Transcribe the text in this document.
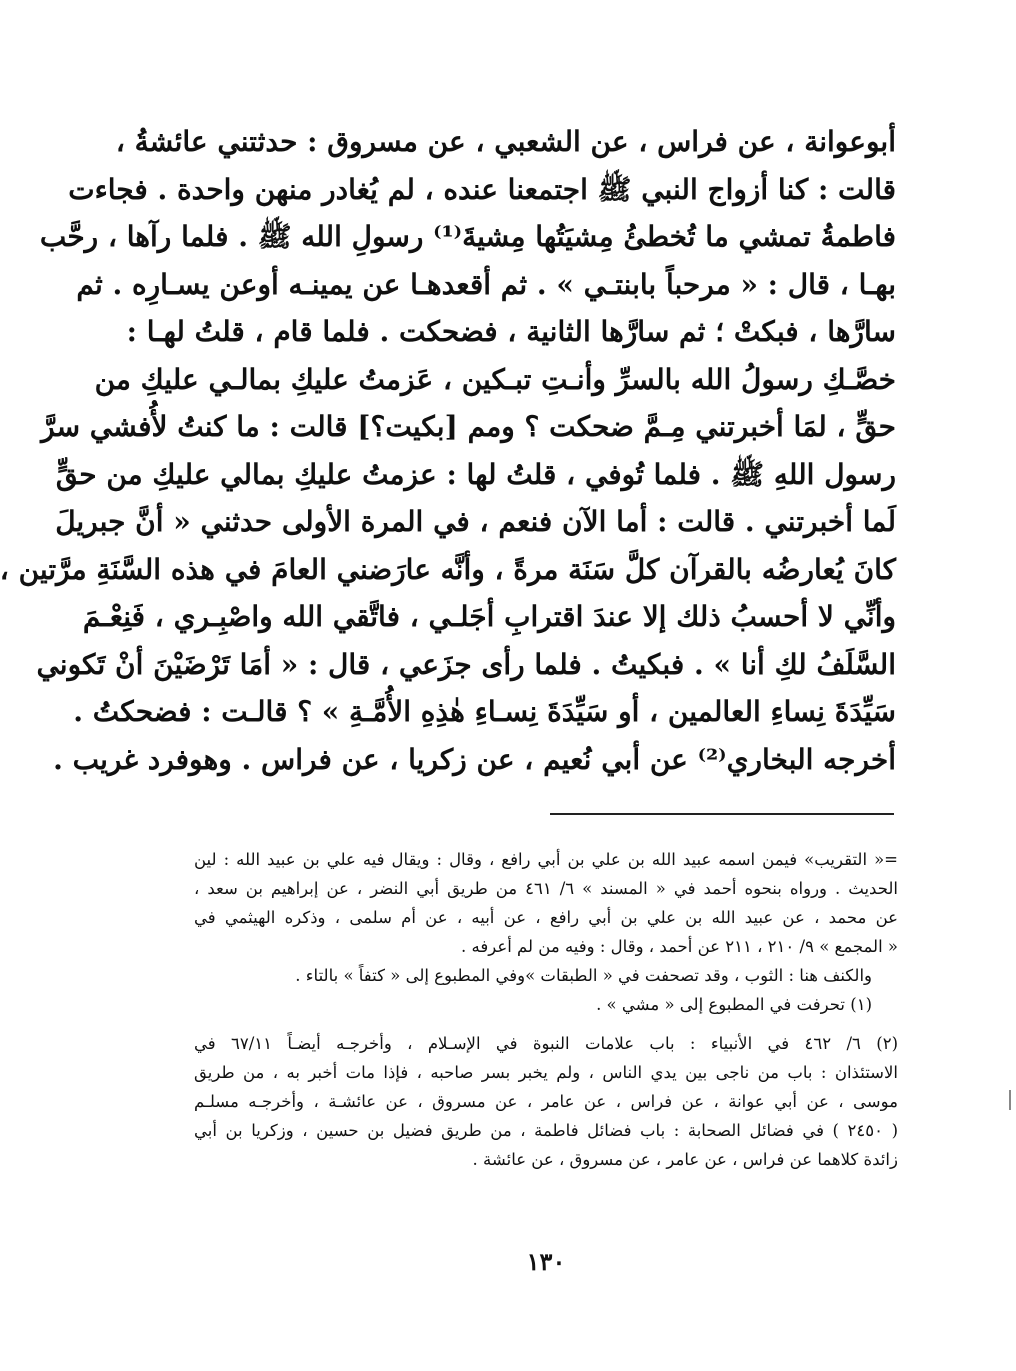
أبوعوانة ، عن فراس ، عن الشعبي ، عن مسروق : حدثتني عائشةُ ،
قالت : كنا أزواج النبي ﷺ اجتمعنا عنده ، لم يُغادر منهن واحدة . فجاءت
فاطمةُ تمشي ما تُخطئُ مِشيَتُها مِشيةَ⁽¹⁾ رسولِ الله ﷺ . فلما رآها ، رحَّب
بهـا ، قال : « مرحباً بابنتـي » . ثم أقعدهـا عن يمينـه أوعن يسـارِه . ثم
سارَّها ، فبكتْ ؛ ثم سارَّها الثانية ، فضحكت . فلما قام ، قلتُ لهـا :
خصَّـكِ رسولُ الله بالسرِّ وأنـتِ تبـكين ، عَزمتُ عليكِ بمالـي عليكِ من
حقٍّ ، لمَا أخبرتني مِـمَّ ضحكت ؟ ومم [بكيت؟] قالت : ما كنتُ لأُفشي سرَّ
رسول اللهِ ﷺ . فلما تُوفي ، قلتُ لها : عزمتُ عليكِ بمالي عليكِ من حقٍّ
لَما أخبرتني . قالت : أما الآن فنعم ، في المرة الأولى حدثني « أنَّ جبريلَ
كانَ يُعارضُه بالقرآن كلَّ سَنَة مرةً ، وأنَّه عارَضني العامَ في هذه السَّنَةِ مرَّتين ،
وأنِّي لا أحسبُ ذلك إلا عندَ اقترابِ أجَلـي ، فاتَّقي الله واصْبِـري ، فَنِعْـمَ
السَّلَفُ لكِ أنا » . فبكيتُ . فلما رأى جزَعي ، قال : « أمَا تَرْضَيْنَ أنْ تَكوني
سَيِّدَةَ نِساءِ العالمين ، أو سَيِّدَةَ نِسـاءِ هٰذِهِ الأُمَّـةِ » ؟ قالـت : فضحكتُ .
أخرجه البخاري⁽²⁾ عن أبي نُعيم ، عن زكريا ، عن فراس . وهوفرد غريب .
=« التقريب» فيمن اسمه عبيد الله بن علي بن أبي رافع ، وقال : ويقال فيه علي بن عبيد الله : لين
الحديث . ورواه بنحوه أحمد في « المسند » ٦/ ٤٦١ من طريق أبي النضر ، عن إبراهيم بن سعد ،
عن محمد ، عن عبيد الله بن علي بن أبي رافع ، عن أبيه ، عن أم سلمى ، وذكره الهيثمي في
« المجمع » ٩/ ٢١٠ ، ٢١١ عن أحمد ، وقال : وفيه من لم أعرفه .
والكنف هنا : الثوب ، وقد تصحفت في « الطبقات »وفي المطبوع إلى « كتفاً » بالتاء .
(١) تحرفت في المطبوع إلى « مشي » .
(٢) ٦/ ٤٦٢ في الأنبياء : باب علامات النبوة في الإسـلام ، وأخرجـه أيضـاً ٦٧/١١ في
الاستئذان : باب من ناجى بين يدي الناس ، ولم يخبر بسر صاحبه ، فإذا مات أخبر به ، من طريق
موسى ، عن أبي عوانة ، عن فراس ، عن عامر ، عن مسروق ، عن عائشـة ، وأخرجـه مسلـم
( ٢٤٥٠ ) في فضائل الصحابة : باب فضائل فاطمة ، من طريق فضيل بن حسين ، وزكريا بن أبي
زائدة كلاهما عن فراس ، عن عامر ، عن مسروق ، عن عائشة .
١٣٠
